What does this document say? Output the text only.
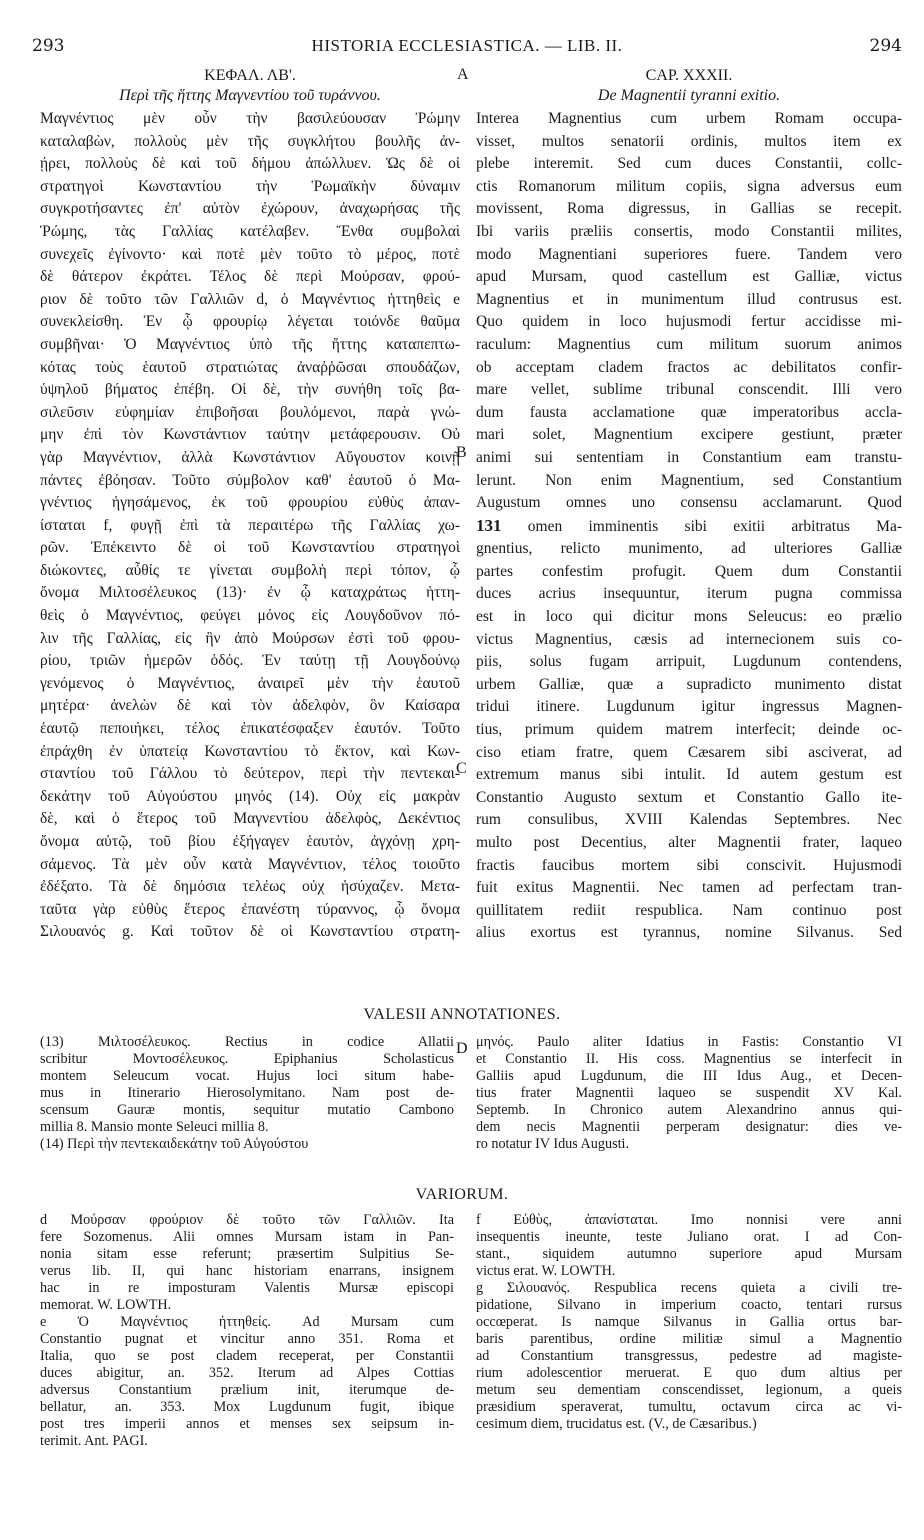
293	HISTORIA ECCLESIASTICA. — LIB. II.	294
ΚΕΦΑΛ. ΛΒ'.
Περὶ τῆς ἥττης Μαγνεντίου τοῦ τυράννου.
Μαγνέντιος μὲν οὖν τὴν βασιλεύουσαν Ῥώμην
καταλαβὼν, πολλοὺς μὲν τῆς συγκλήτου βουλῆς ἀν-
ῄρει, πολλοὺς δὲ καὶ τοῦ δήμου ἀπώλλυεν. Ὡς δὲ οἱ
στρατηγοὶ Κωνσταντίου τὴν Ῥωμαϊκὴν δύναμιν
συγκροτήσαντες ἐπ' αὐτὸν ἐχώρουν, ἀναχωρήσας τῆς
Ῥώμης, τὰς Γαλλίας κατέλαβεν. Ἔνθα συμβολαὶ
συνεχεῖς ἐγίνοντο· καὶ ποτὲ μὲν τοῦτο τὸ μέρος, ποτὲ
δὲ θάτερον ἐκράτει. Τέλος δὲ περὶ Μούρσαν, φρού-
ριον δὲ τοῦτο τῶν Γαλλιῶν d, ὁ Μαγνέντιος ἡττηθεὶς e
συνεκλείσθη. Ἐν ᾧ φρουρίῳ λέγεται τοιόνδε θαῦμα
συμβῆναι· Ὁ Μαγνέντιος ὑπὸ τῆς ἥττης καταπεπτω-
κότας τοὺς ἑαυτοῦ στρατιώτας ἀναῤῥῶσαι σπουδάζων,
ὑψηλοῦ βήματος ἐπέβη. Οἱ δὲ, τὴν συνήθη τοῖς βα-
σιλεῦσιν εὐφημίαν ἐπιβοῆσαι βουλόμενοι, παρὰ γνώ-
μην ἐπὶ τὸν Κωνστάντιον ταύτην μετάφερουσιν. Οὐ
γὰρ Μαγνέντιον, ἀλλὰ Κωνστάντιον Αὔγουστον κοινῇ
πάντες ἐβόησαν. Τοῦτο σύμβολον καθ' ἑαυτοῦ ὁ Μα-
γνέντιος ἡγησάμενος, ἐκ τοῦ φρουρίου εὐθὺς ἀπαν-
ίσταται f, φυγῇ ἐπὶ τὰ περαιτέρω τῆς Γαλλίας χω-
ρῶν. Ἐπέκειντο δὲ οἱ τοῦ Κωνσταντίου στρατηγοὶ
διώκοντες, αὖθίς τε γίνεται συμβολὴ περὶ τόπον, ᾧ
ὄνομα Μιλτοσέλευκος (13)· ἐν ᾧ καταχράτως ἡττη-
θεὶς ὁ Μαγνέντιος, φεύγει μόνος εἰς Λουγδοῦνον πό-
λιν τῆς Γαλλίας, εἰς ἣν ἀπὸ Μούρσων ἐστὶ τοῦ φρου-
ρίου, τριῶν ἡμερῶν ὁδός. Ἐν ταύτῃ τῇ Λουγδούνῳ
γενόμενος ὁ Μαγνέντιος, ἀναιρεῖ μὲν τὴν ἑαυτοῦ
μητέρα· ἀνελὼν δὲ καὶ τὸν ἀδελφὸν, ὃν Καίσαρα
ἑαυτῷ πεποιήκει, τέλος ἐπικατέσφαξεν ἑαυτόν. Τοῦτο
ἐπράχθη ἐν ὑπατείᾳ Κωνσταντίου τὸ ἕκτον, καὶ Κων-
σταντίου τοῦ Γάλλου τὸ δεύτερον, περὶ τὴν πεντεκαι-
δεκάτην τοῦ Αὐγούστου μηνός (14). Οὐχ εἰς μακρὰν
δὲ, καὶ ὁ ἕτερος τοῦ Μαγνεντίου ἀδελφὸς, Δεκέντιος
ὄνομα αὐτῷ, τοῦ βίου ἐξήγαγεν ἑαυτὸν, ἀγχόνῃ χρη-
σάμενος. Τὰ μὲν οὖν κατὰ Μαγνέντιον, τέλος τοιοῦτο
ἐδέξατο. Τὰ δὲ δημόσια τελέως οὐχ ἡσύχαζεν. Μετα-
ταῦτα γὰρ εὐθὺς ἕτερος ἐπανέστη τύραννος, ᾧ ὄνομα
Σιλουανός g. Καὶ τοῦτον δὲ οἱ Κωνσταντίου στρατη-
CAP. XXXII.
De Magnentii tyranni exitio.
Interea Magnentius cum urbem Romam occupa-
visset, multos senatorii ordinis, multos item ex
plebe interemit. Sed cum duces Constantii, collc-
ctis Romanorum militum copiis, signa adversus eum
movissent, Roma digressus, in Gallias se recepit.
Ibi variis præliis consertis, modo Constantii milites,
modo Magnentiani superiores fuere. Tandem vero
apud Mursam, quod castellum est Galliæ, victus
Magnentius et in munimentum illud contrusus est.
Quo quidem in loco hujusmodi fertur accidisse mi-
raculum: Magnentius cum militum suorum animos
ob acceptam cladem fractos ac debilitatos confir-
mare vellet, sublime tribunal conscendit. Illi vero
dum fausta acclamatione quæ imperatoribus accla-
mari solet, Magnentium excipere gestiunt, præter
animi sui sententiam in Constantium eam transtu-
lerunt. Non enim Magnentium, sed Constantium
Augustum omnes uno consensu acclamarunt. Quod
131 omen imminentis sibi exitii arbitratus Ma-
gnentius, relicto munimento, ad ulteriores Galliæ
partes confestim profugit. Quem dum Constantii
duces acrius insequuntur, iterum pugna commissa
est in loco qui dicitur mons Seleucus: eo prælio
victus Magnentius, cæsis ad internecionem suis co-
piis, solus fugam arripuit, Lugdunum contendens,
urbem Galliæ, quæ a supradicto munimento distat
tridui itinere. Lugdunum igitur ingressus Magnen-
tius, primum quidem matrem interfecit; deinde oc-
ciso etiam fratre, quem Cæsarem sibi asciverat, ad
extremum manus sibi intulit. Id autem gestum est
Constantio Augusto sextum et Constantio Gallo ite-
rum consulibus, XVIII Kalendas Septembres. Nec
multo post Decentius, alter Magnentii frater, laqueo
fractis faucibus mortem sibi conscivit. Hujusmodi
fuit exitus Magnentii. Nec tamen ad perfectam tran-
quillitatem rediit respublica. Nam continuo post
alius exortus est tyrannus, nomine Silvanus. Sed
A
B
C
D
VALESII ANNOTATIONES.
(13) Μιλτοσέλευκος. Rectius in codice Allatii
scribitur Μοντοσέλευκος. Epiphanius Scholasticus
montem Seleucum vocat. Hujus loci situm habe-
mus in Itinerario Hierosolymitano. Nam post de-
scensum Gauræ montis, sequitur mutatio Cambono
millia 8. Mansio monte Seleuci millia 8.
(14) Περὶ τὴν πεντεκαιδεκάτην τοῦ Αὐγούστου
μηνός. Paulo aliter Idatius in Fastis: Constantio VI
et Constantio II. His coss. Magnentius se interfecit in
Galliis apud Lugdunum, die III Idus Aug., et Decen-
tius frater Magnentii laqueo se suspendit XV Kal.
Septemb. In Chronico autem Alexandrino annus qui-
dem necis Magnentii perperam designatur: dies ve-
ro notatur IV Idus Augusti.
VARIORUM.
d Μούρσαν φρούριον δὲ τοῦτο τῶν Γαλλιῶν. Ita
fere Sozomenus. Alii omnes Mursam istam in Pan-
nonia sitam esse referunt; præsertim Sulpitius Se-
verus lib. II, qui hanc historiam enarrans, insignem
hac in re imposturam Valentis Mursæ episcopi
memorat. W. LOWTH.
e Ὁ Μαγνέντιος ἡττηθείς. Ad Mursam cum
Constantio pugnat et vincitur anno 351. Roma et
Italia, quo se post cladem receperat, per Constantii
duces abigitur, an. 352. Iterum ad Alpes Cottias
adversus Constantium prælium init, iterumque de-
bellatur, an. 353. Mox Lugdunum fugit, ibique
post tres imperii annos et menses sex seipsum in-
terimit. Ant. PAGI.
f Εὐθὺς, ἀπανίσταται. Imo nonnisi vere anni
insequentis ineunte, teste Juliano orat. I ad Con-
stant., siquidem autumno superiore apud Mursam
victus erat. W. LOWTH.
g Σιλουανός. Respublica recens quieta a civili tre-
pidatione, Silvano in imperium coacto, tentari rursus
occœperat. Is namque Silvanus in Gallia ortus bar-
baris parentibus, ordine militiæ simul a Magnentio
ad Constantium transgressus, pedestre ad magiste-
rium adolescentior meruerat. E quo dum altius per
metum seu dementiam conscendisset, legionum, a queis
præsidium speraverat, tumultu, octavum circa ac vi-
cesimum diem, trucidatus est. (V., de Cæsaribus.)
